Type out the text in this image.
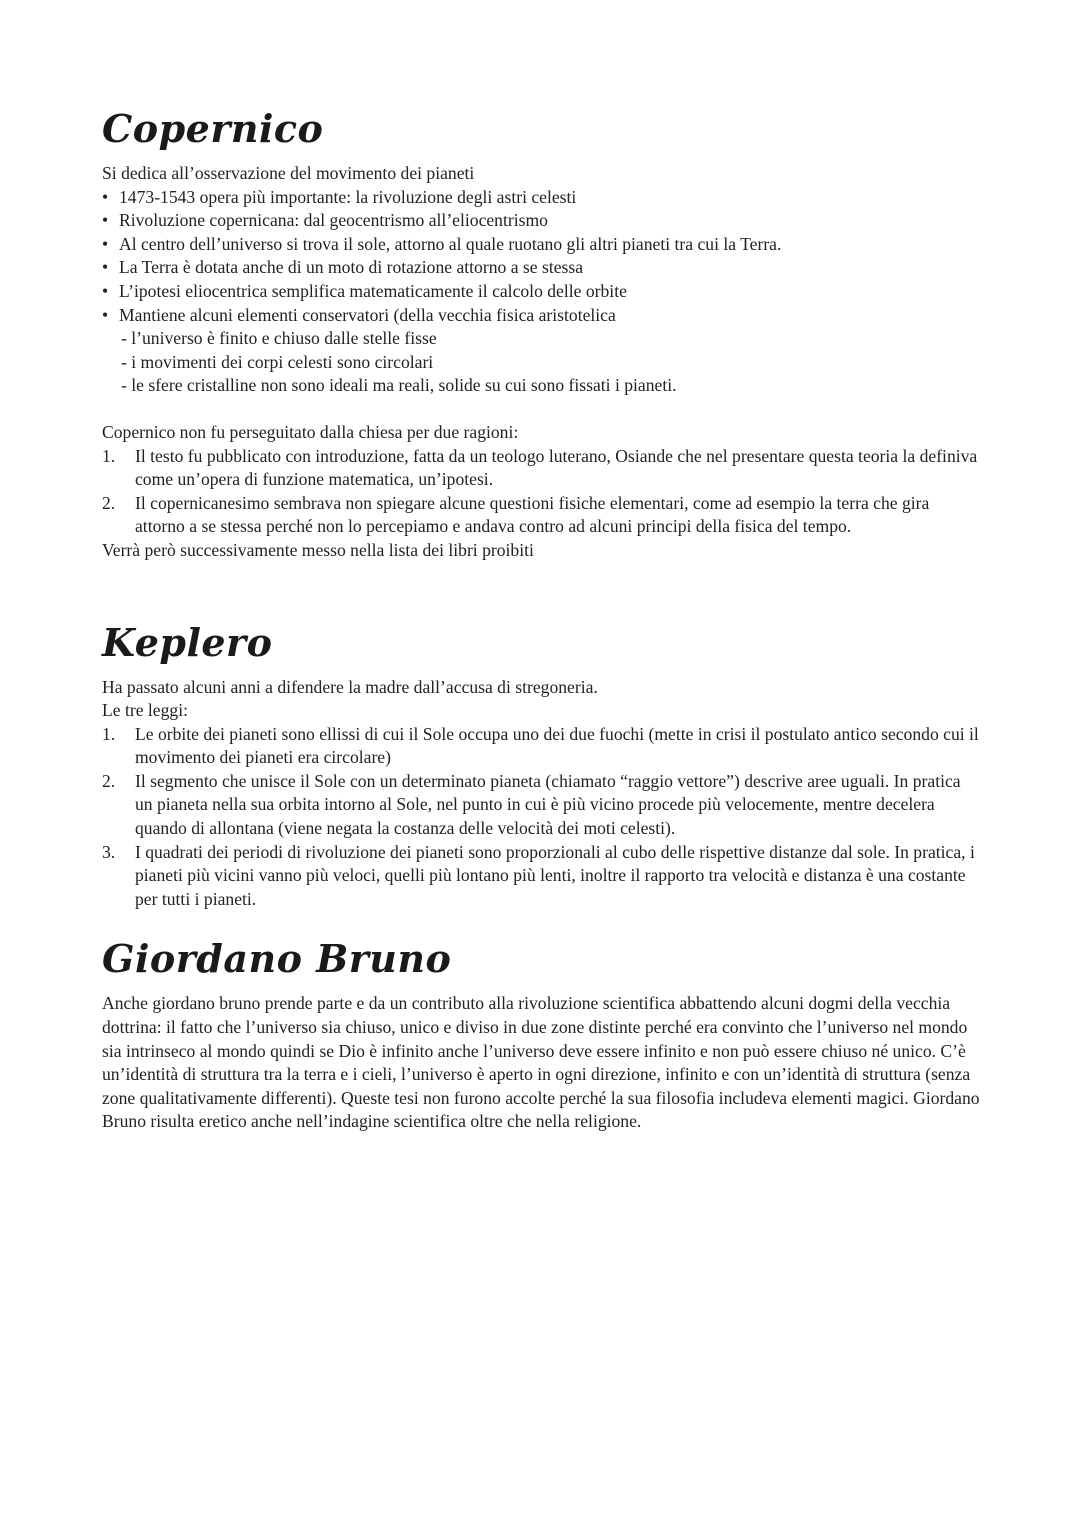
Copernico

Si dedica all’osservazione del movimento dei pianeti

• 1473-1543 opera più importante: la rivoluzione degli astri celesti
• Rivoluzione copernicana: dal geocentrismo all’eliocentrismo
• Al centro dell’universo si trova il sole, attorno al quale ruotano gli altri pianeti tra cui la Terra.
• La Terra è dotata anche di un moto di rotazione attorno a se stessa
• L’ipotesi eliocentrica semplifica matematicamente il calcolo delle orbite
• Mantiene alcuni elementi conservatori (della vecchia fisica aristotelica
- l’universo è finito e chiuso dalle stelle fisse
- i movimenti dei corpi celesti sono circolari
- le sfere cristalline non sono ideali ma reali, solide su cui sono fissati i pianeti.

Copernico non fu perseguitato dalla chiesa per due ragioni:

1. Il testo fu pubblicato con introduzione, fatta da un teologo luterano, Osiande che nel presentare questa teoria la definiva come un’opera di funzione matematica, un’ipotesi.
2. Il copernicanesimo sembrava non spiegare alcune questioni fisiche elementari, come ad esempio la terra che gira attorno a se stessa perché non lo percepiamo e andava contro ad alcuni principi della fisica del tempo.

Verrà però successivamente messo nella lista dei libri proibiti

Keplero

Ha passato alcuni anni a difendere la madre dall’accusa di stregoneria.

Le tre leggi:

1. Le orbite dei pianeti sono ellissi di cui il Sole occupa uno dei due fuochi (mette in crisi il postulato antico secondo cui il movimento dei pianeti era circolare)
2. Il segmento che unisce il Sole con un determinato pianeta (chiamato “raggio vettore”) descrive aree uguali. In pratica un pianeta nella sua orbita intorno al Sole, nel punto in cui è più vicino procede più velocemente, mentre decelera quando di allontana (viene negata la costanza delle velocità dei moti celesti).
3. I quadrati dei periodi di rivoluzione dei pianeti sono proporzionali al cubo delle rispettive distanze dal sole. In pratica, i pianeti più vicini vanno più veloci, quelli più lontano più lenti, inoltre il rapporto tra velocità e distanza è una costante per tutti i pianeti.
Giordano Bruno

Anche giordano bruno prende parte e da un contributo alla rivoluzione scientifica abbattendo alcuni dogmi della vecchia dottrina: il fatto che l’universo sia chiuso, unico e diviso in due zone distinte perché era convinto che l’universo nel mondo sia intrinseco al mondo quindi se Dio è infinito anche l’universo deve essere infinito e non può essere chiuso né unico. C’è un’identità di struttura tra la terra e i cieli, l’universo è aperto in ogni direzione, infinito e con un’identità di struttura (senza zone qualitativamente differenti). Queste tesi non furono accolte perché la sua filosofia includeva elementi magici. Giordano Bruno risulta eretico anche nell’indagine scientifica oltre che nella religione.
